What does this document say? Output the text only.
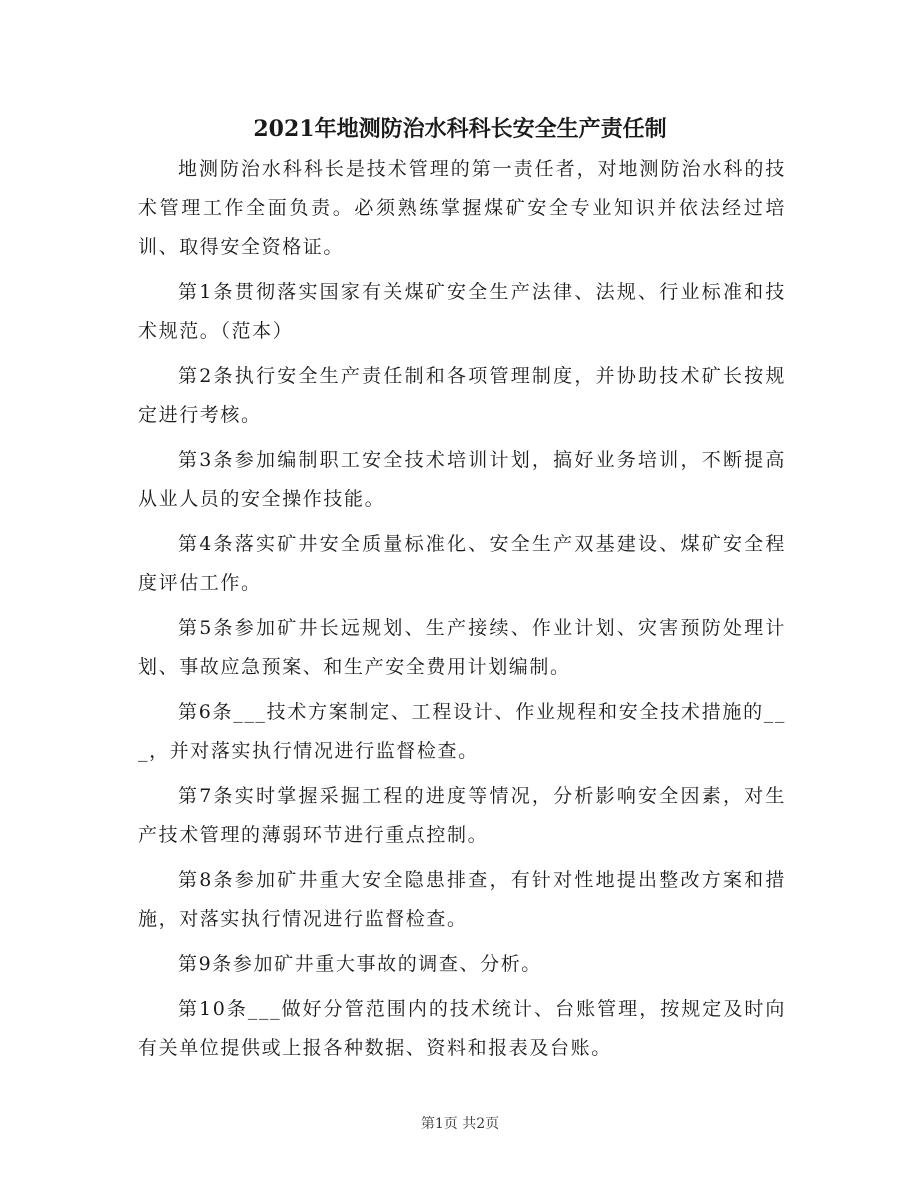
2021年地测防治水科科长安全生产责任制

地测防治水科科长是技术管理的第一责任者，对地测防治水科的技术管理工作全面负责。必须熟练掌握煤矿安全专业知识并依法经过培训、取得安全资格证。

第1条贯彻落实国家有关煤矿安全生产法律、法规、行业标准和技术规范。（范本）

第2条执行安全生产责任制和各项管理制度，并协助技术矿长按规定进行考核。

第3条参加编制职工安全技术培训计划，搞好业务培训，不断提高从业人员的安全操作技能。

第4条落实矿井安全质量标准化、安全生产双基建设、煤矿安全程度评估工作。

第5条参加矿井长远规划、生产接续、作业计划、灾害预防处理计划、事故应急预案、和生产安全费用计划编制。

第6条___技术方案制定、工程设计、作业规程和安全技术措施的___，并对落实执行情况进行监督检查。

第7条实时掌握采掘工程的进度等情况，分析影响安全因素，对生产技术管理的薄弱环节进行重点控制。

第8条参加矿井重大安全隐患排查，有针对性地提出整改方案和措施，对落实执行情况进行监督检查。

第9条参加矿井重大事故的调查、分析。

第10条___做好分管范围内的技术统计、台账管理，按规定及时向有关单位提供或上报各种数据、资料和报表及台账。

第1页 共2页
